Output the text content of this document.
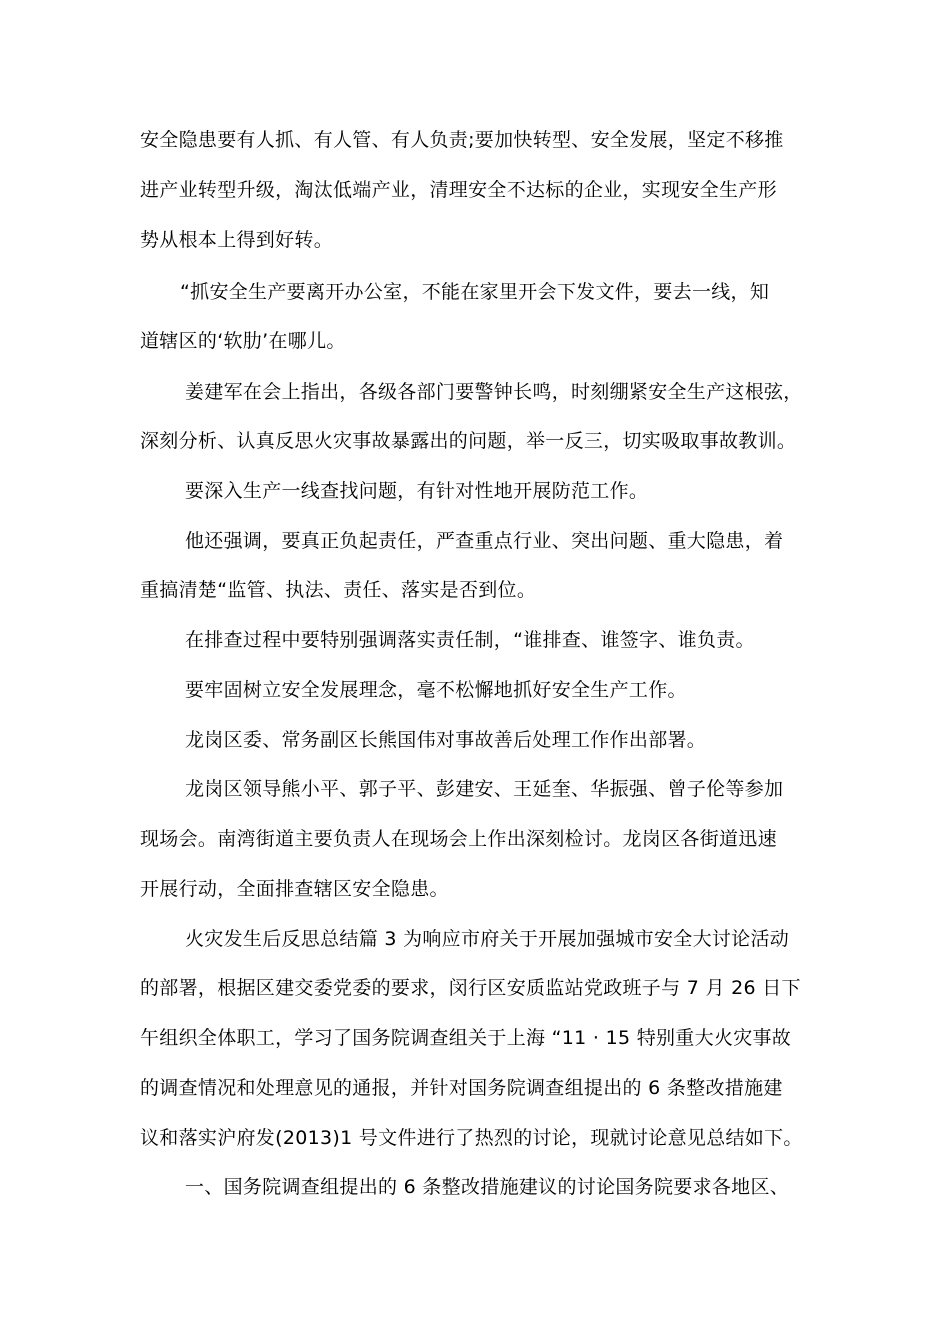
安全隐患要有人抓、有人管、有人负责;要加快转型、安全发展，坚定不移推
进产业转型升级，淘汰低端产业，清理安全不达标的企业，实现安全生产形
势从根本上得到好转。
“抓安全生产要离开办公室，不能在家里开会下发文件，要去一线，知
道辖区的‘软肋’在哪儿。
姜建军在会上指出，各级各部门要警钟长鸣，时刻绷紧安全生产这根弦，
深刻分析、认真反思火灾事故暴露出的问题，举一反三，切实吸取事故教训。
要深入生产一线查找问题，有针对性地开展防范工作。
他还强调，要真正负起责任，严查重点行业、突出问题、重大隐患，着
重搞清楚“监管、执法、责任、落实是否到位。
在排查过程中要特别强调落实责任制，“谁排查、谁签字、谁负责。
要牢固树立安全发展理念，毫不松懈地抓好安全生产工作。
龙岗区委、常务副区长熊国伟对事故善后处理工作作出部署。
龙岗区领导熊小平、郭子平、彭建安、王延奎、华振强、曾子伦等参加
现场会。南湾街道主要负责人在现场会上作出深刻检讨。龙岗区各街道迅速
开展行动，全面排查辖区安全隐患。
火灾发生后反思总结篇 3 为响应市府关于开展加强城市安全大讨论活动
的部署，根据区建交委党委的要求，闵行区安质监站党政班子与 7 月 26 日下
午组织全体职工，学习了国务院调查组关于上海 “11 · 15 特别重大火灾事故
的调查情况和处理意见的通报，并针对国务院调查组提出的 6 条整改措施建
议和落实沪府发(2013)1 号文件进行了热烈的讨论，现就讨论意见总结如下。
一、国务院调查组提出的 6 条整改措施建议的讨论国务院要求各地区、
